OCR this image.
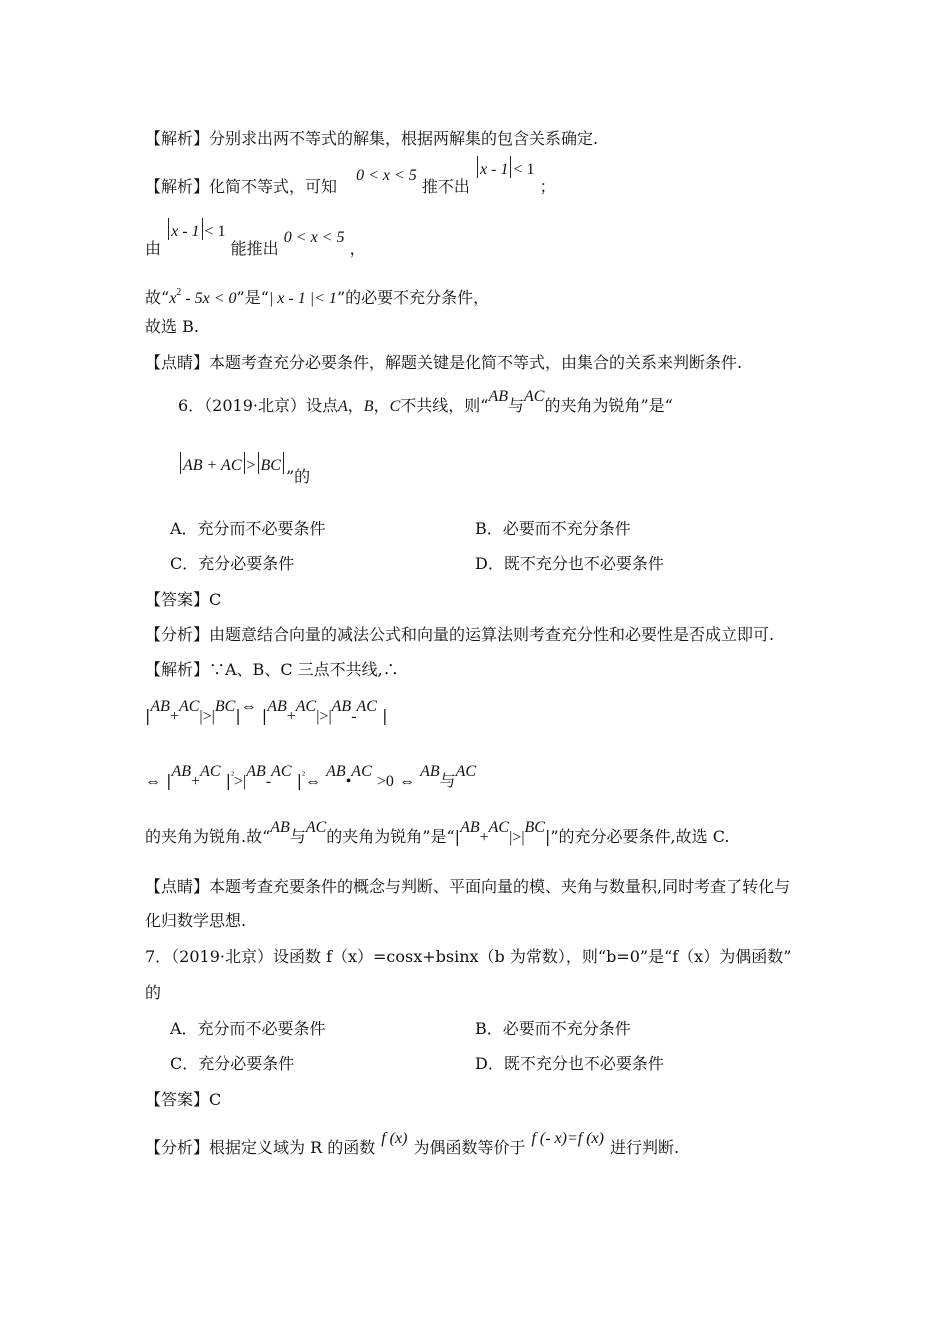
【解析】分别求出两不等式的解集，根据两解集的包含关系确定.
【解析】化简不等式，可知 0 < x < 5 推不出 x - 1 < 1 ；
由 x - 1 < 1 能推出 0 < x < 5 ，
故“$x^2 - 5x < 0$”是“| x - 1 |< 1”的必要不充分条件，
故选 B.
【点睛】本题考查充分必要条件，解题关键是化简不等式，由集合的关系来判断条件.
6．（2019·北京）设点A，B，C不共线，则“AB与AC的夹角为锐角”是“
AB + AC > BC”的
A．充分而不必要条件	B．必要而不充分条件
C．充分必要条件	D．既不充分也不必要条件
【答案】C
【分析】由题意结合向量的减法公式和向量的运算法则考查充分性和必要性是否成立即可.
【解析】∵A、B、C 三点不共线,∴
|AB+AC|>|BC|⇔ |AB+AC|>|AB-AC |
⇔ |AB+AC $|^{^2}>|AB-AC$ $|^{^2}\Leftrightarrow$ AB•AC >0 ⇔ AB与AC
的夹角为锐角.故“AB与AC的夹角为锐角”是“|AB+AC|>|BC|”的充分必要条件,故选 C.
【点睛】本题考查充要条件的概念与判断、平面向量的模、夹角与数量积,同时考查了转化与
化归数学思想.
7．（2019·北京）设函数 f（x）=cosx+bsinx（b 为常数），则“b=0”是“f（x）为偶函数”
的
A．充分而不必要条件	B．必要而不充分条件
C．充分必要条件	D．既不充分也不必要条件
【答案】C
【分析】根据定义域为 R 的函数 f (x) 为偶函数等价于 f (- x)=f (x) 进行判断.
